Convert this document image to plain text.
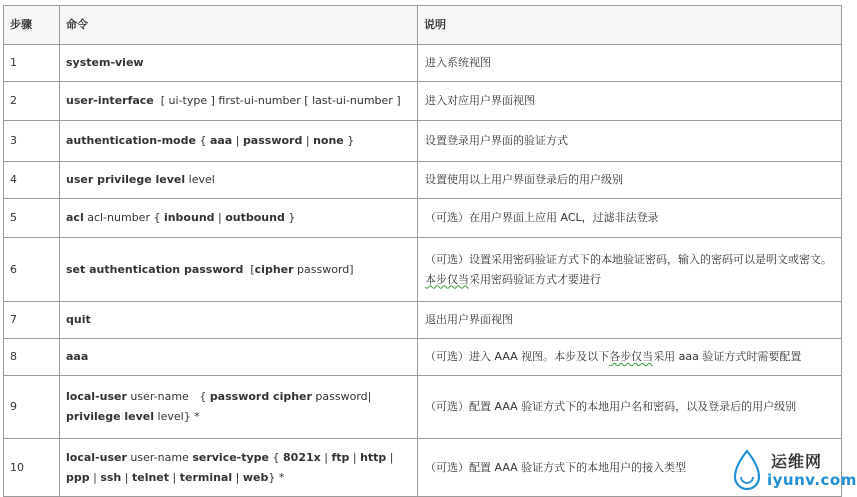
步骤	命令	说明
1	system-view	进入系统视图
2	user-interface  [ ui-type ] first-ui-number [ last-ui-number ]	进入对应用户界面视图
3	authentication-mode { aaa | password | none }	设置登录用户界面的验证方式
4	user privilege level level	设置使用以上用户界面登录后的用户级别
5	acl acl-number { inbound | outbound }	（可选）在用户界面上应用 ACL，过滤非法登录
6	set authentication password  [cipher password]	（可选）设置采用密码验证方式下的本地验证密码，输入的密码可以是明文或密文。本步仅当采用密码验证方式才要进行
7	quit	退出用户界面视图
8	aaa	（可选）进入 AAA 视图。本步及以下各步仅当采用 aaa 验证方式时需要配置
9	local-user user-name   { password cipher password| privilege level level} *	（可选）配置 AAA 验证方式下的本地用户名和密码，以及登录后的用户级别
10	local-user user-name service-type { 8021x | ftp | http | ppp | ssh | telnet | terminal | web} *	（可选）配置 AAA 验证方式下的本地用户的接入类型	运维网
iyunv.com
